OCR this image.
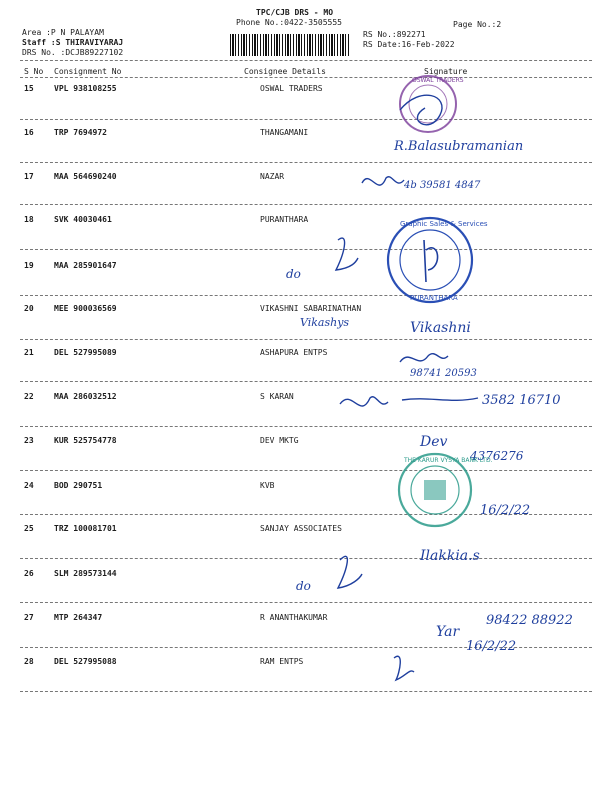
TPC/CJB DRS - MO
Phone No.:0422-3505555	Page No.:2
Area :P N PALAYAM
Staff :S THIRAVIYARAJ
DRS No. :DCJB89227102
RS No.:892271
RS Date:16-Feb-2022
S No Consignment No	Consignee Details	Signature
15	VPL 938108255	OSWAL TRADERS
16	TRP 7694972	THANGAMANI
17	MAA 564690240	NAZAR
18	SVK 40030461	PURANTHARA
19	MAA 285901647
20	MEE 900036569	VIKASHNI SABARINATHAN
21	DEL 527995089	ASHAPURA ENTPS
22	MAA 286032512	S KARAN
23	KUR 525754778	DEV MKTG
24	BOD 290751	KVB
25	TRZ 100081701	SANJAY ASSOCIATES
26	SLM 289573144
27	MTP 264347	R ANANTHAKUMAR
28	DEL 527995088	RAM ENTPS
OSWAL TRADERS
R.Balasubramanian
4b 39581 4847
Graphic Sales & Services
PURANTHARA
do
Vikashys	Vikashni
98741 20593
3582 16710
Dev
4376276
THE KARUR VYSYA BANK LTD.
16/2/22
Ilakkia.s
do
Yar
98422 88922
16/2/22
